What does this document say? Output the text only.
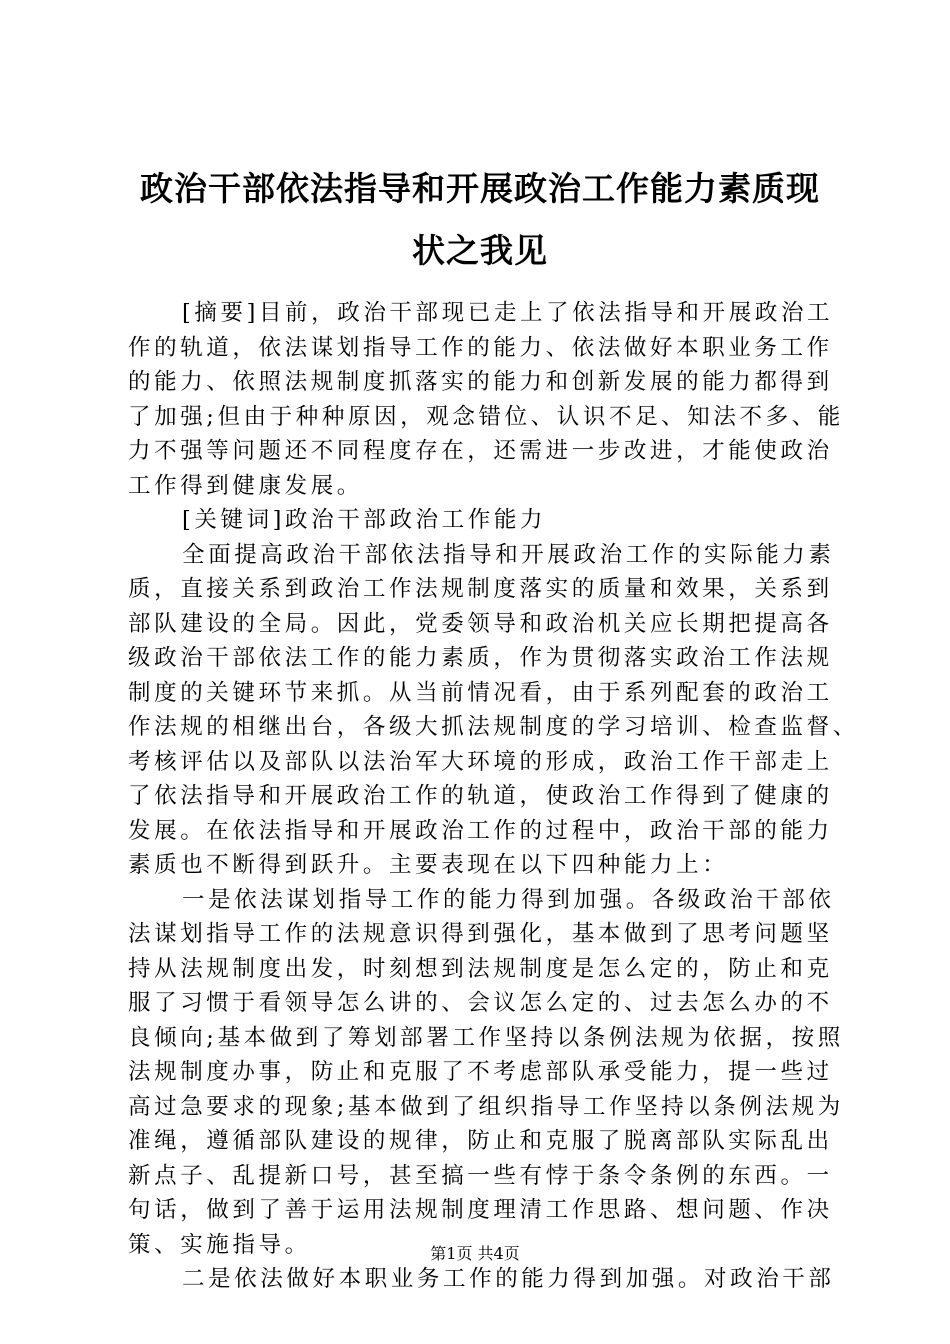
政治干部依法指导和开展政治工作能力素质现
状之我见
[摘要]目前，政治干部现已走上了依法指导和开展政治工
作的轨道，依法谋划指导工作的能力、依法做好本职业务工作
的能力、依照法规制度抓落实的能力和创新发展的能力都得到
了加强;但由于种种原因，观念错位、认识不足、知法不多、能
力不强等问题还不同程度存在，还需进一步改进，才能使政治
工作得到健康发展。
[关键词]政治干部政治工作能力
全面提高政治干部依法指导和开展政治工作的实际能力素
质，直接关系到政治工作法规制度落实的质量和效果，关系到
部队建设的全局。因此，党委领导和政治机关应长期把提高各
级政治干部依法工作的能力素质，作为贯彻落实政治工作法规
制度的关键环节来抓。从当前情况看，由于系列配套的政治工
作法规的相继出台，各级大抓法规制度的学习培训、检查监督、
考核评估以及部队以法治军大环境的形成，政治工作干部走上
了依法指导和开展政治工作的轨道，使政治工作得到了健康的
发展。在依法指导和开展政治工作的过程中，政治干部的能力
素质也不断得到跃升。主要表现在以下四种能力上：
一是依法谋划指导工作的能力得到加强。各级政治干部依
法谋划指导工作的法规意识得到强化，基本做到了思考问题坚
持从法规制度出发，时刻想到法规制度是怎么定的，防止和克
服了习惯于看领导怎么讲的、会议怎么定的、过去怎么办的不
良倾向;基本做到了筹划部署工作坚持以条例法规为依据，按照
法规制度办事，防止和克服了不考虑部队承受能力，提一些过
高过急要求的现象;基本做到了组织指导工作坚持以条例法规为
准绳，遵循部队建设的规律，防止和克服了脱离部队实际乱出
新点子、乱提新口号，甚至搞一些有悖于条令条例的东西。一
句话，做到了善于运用法规制度理清工作思路、想问题、作决
策、实施指导。
二是依法做好本职业务工作的能力得到加强。对政治干部
第1页 共4页
